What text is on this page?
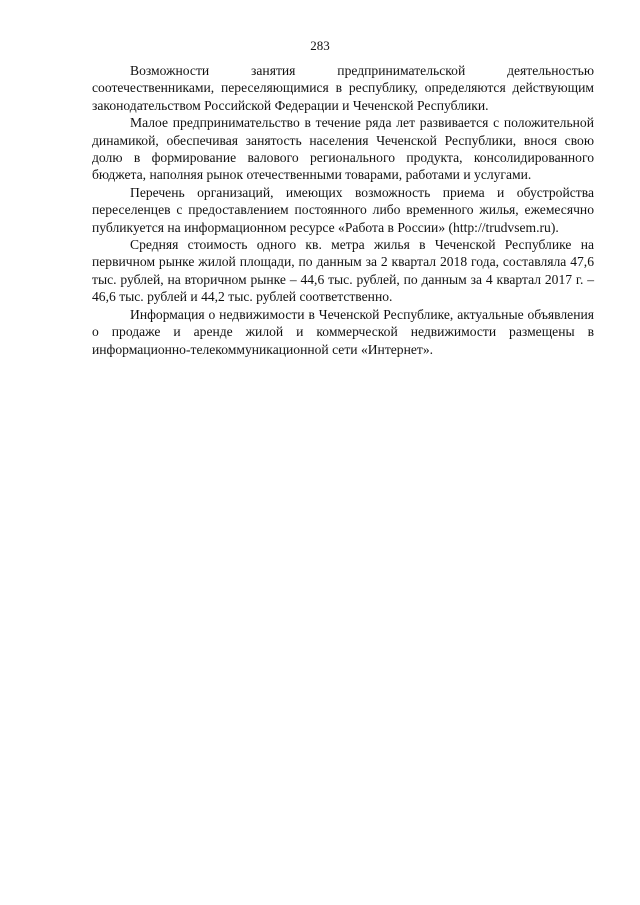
283

Возможности занятия предпринимательской деятельностью соотечественниками, переселяющимися в республику, определяются действующим законодательством Российской Федерации и Чеченской Республики.

Малое предпринимательство в течение ряда лет развивается с положительной динамикой, обеспечивая занятость населения Чеченской Республики, внося свою долю в формирование валового регионального продукта, консолидированного бюджета, наполняя рынок отечественными товарами, работами и услугами.

Перечень организаций, имеющих возможность приема и обустройства переселенцев с предоставлением постоянного либо временного жилья, ежемесячно публикуется на информационном ресурсе «Работа в России» (http://trudvsem.ru).

Средняя стоимость одного кв. метра жилья в Чеченской Республике на первичном рынке жилой площади, по данным за 2 квартал 2018 года, составляла 47,6 тыс. рублей, на вторичном рынке – 44,6 тыс. рублей, по данным за 4 квартал 2017 г. – 46,6 тыс. рублей и 44,2 тыс. рублей соответственно.

Информация о недвижимости в Чеченской Республике, актуальные объявления о продаже и аренде жилой и коммерческой недвижимости размещены в информационно-телекоммуникационной сети «Интернет».
